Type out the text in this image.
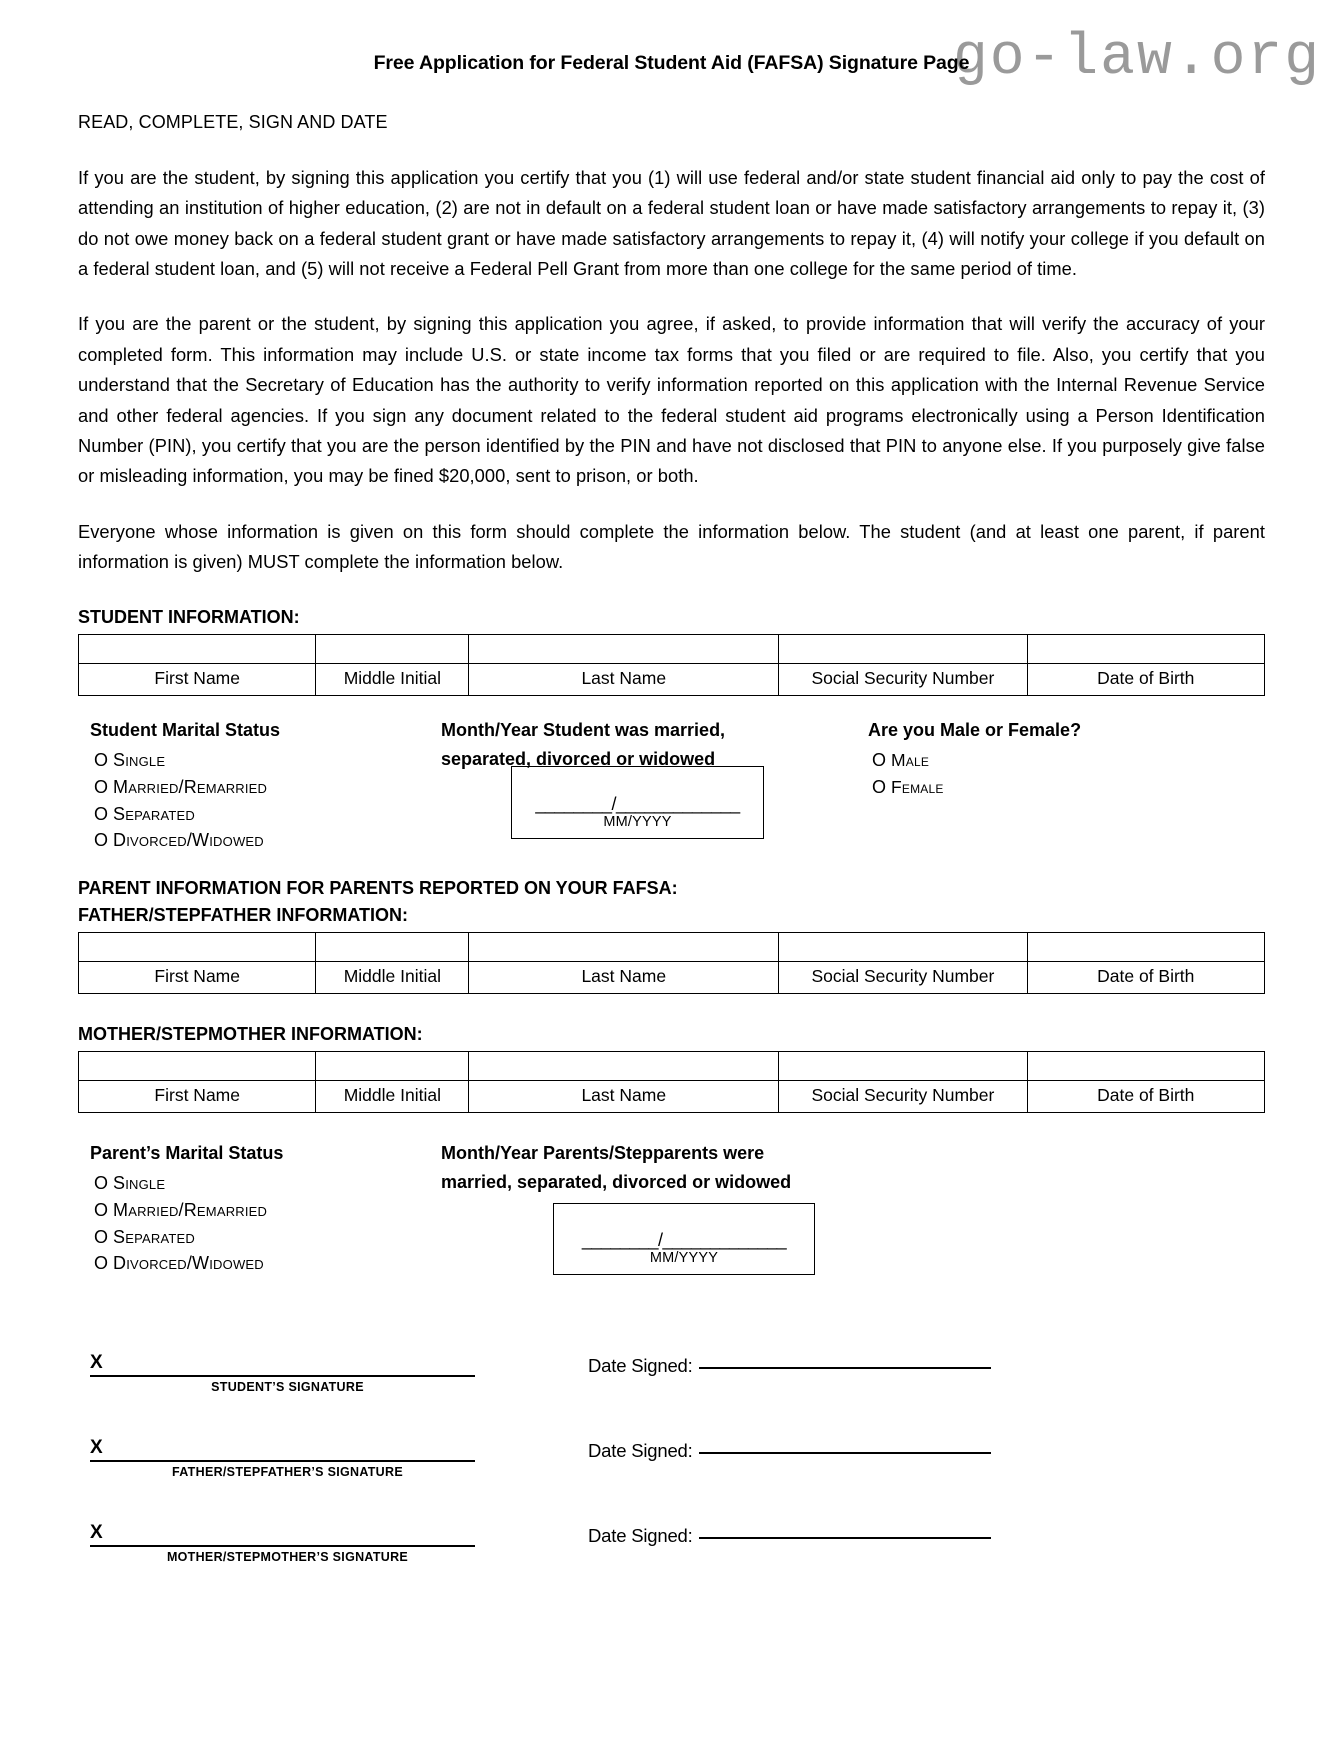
go-law.org
Free Application for Federal Student Aid (FAFSA) Signature Page
READ, COMPLETE, SIGN AND DATE

If you are the student, by signing this application you certify that you (1) will use federal and/or state student financial aid only to pay the cost of attending an institution of higher education, (2) are not in default on a federal student loan or have made satisfactory arrangements to repay it, (3) do not owe money back on a federal student grant or have made satisfactory arrangements to repay it, (4) will notify your college if you default on a federal student loan, and (5) will not receive a Federal Pell Grant from more than one college for the same period of time.

If you are the parent or the student, by signing this application you agree, if asked, to provide information that will verify the accuracy of your completed form. This information may include U.S. or state income tax forms that you filed or are required to file. Also, you certify that you understand that the Secretary of Education has the authority to verify information reported on this application with the Internal Revenue Service and other federal agencies. If you sign any document related to the federal student aid programs electronically using a Person Identification Number (PIN), you certify that you are the person identified by the PIN and have not disclosed that PIN to anyone else. If you purposely give false or misleading information, you may be fined $20,000, sent to prison, or both.

Everyone whose information is given on this form should complete the information below. The student (and at least one parent, if parent information is given) MUST complete the information below.

STUDENT INFORMATION:

First Name	Middle Initial	Last Name	Social Security Number	Date of Birth
Student Marital Status
O Single
O Married/Remarried
O Separated
O Divorced/Widowed
Month/Year Student was married,
separated, divorced or widowed
________/_____________
MM/YYYY
Are you Male or Female?
O Male
O Female
PARENT INFORMATION FOR PARENTS REPORTED ON YOUR FAFSA:
FATHER/STEPFATHER INFORMATION:

First Name	Middle Initial	Last Name	Social Security Number	Date of Birth
MOTHER/STEPMOTHER INFORMATION:

First Name	Middle Initial	Last Name	Social Security Number	Date of Birth
Parent’s Marital Status
O Single
O Married/Remarried
O Separated
O Divorced/Widowed
Month/Year Parents/Stepparents were
married, separated, divorced or widowed
________/_____________
MM/YYYY
X
STUDENT’S SIGNATURE
Date Signed:
X
FATHER/STEPFATHER’S SIGNATURE
Date Signed:
X
MOTHER/STEPMOTHER’S SIGNATURE
Date Signed:
